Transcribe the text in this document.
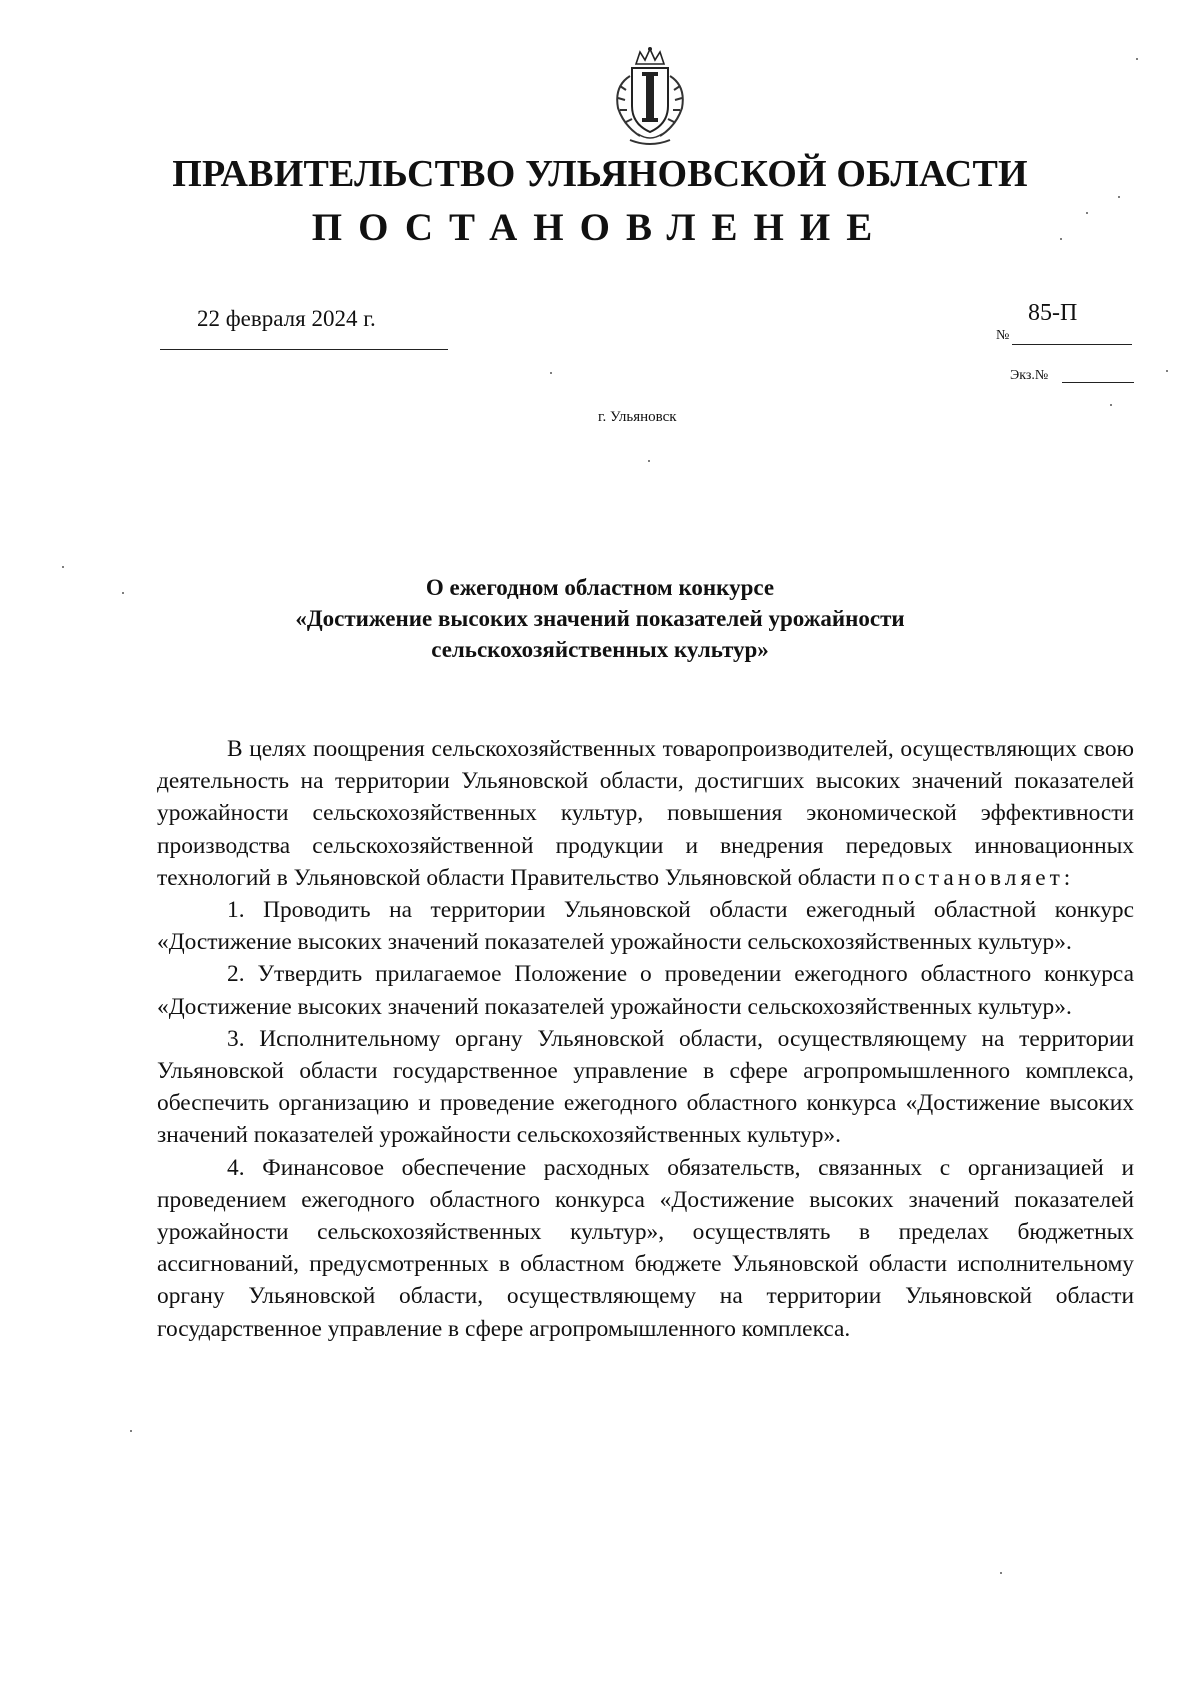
ПРАВИТЕЛЬСТВО УЛЬЯНОВСКОЙ ОБЛАСТИ
ПОСТАНОВЛЕНИЕ
22 февраля 2024 г.
№
85-П
Экз.№
г. Ульяновск
О ежегодном областном конкурсе
«Достижение высоких значений показателей урожайности
сельскохозяйственных культур»

В целях поощрения сельскохозяйственных товаропроизводителей, осуществляющих свою деятельность на территории Ульяновской области, достигших высоких значений показателей урожайности сельскохозяйственных культур, повышения экономической эффективности производства сельскохозяйственной продукции и внедрения передовых инновационных технологий в Ульяновской области Правительство Ульяновской области постановляет:

1. Проводить на территории Ульяновской области ежегодный областной конкурс «Достижение высоких значений показателей урожайности сельскохозяйственных культур».

2. Утвердить прилагаемое Положение о проведении ежегодного областного конкурса «Достижение высоких значений показателей урожайности сельскохозяйственных культур».

3. Исполнительному органу Ульяновской области, осуществляющему на территории Ульяновской области государственное управление в сфере агропромышленного комплекса, обеспечить организацию и проведение ежегодного областного конкурса «Достижение высоких значений показателей урожайности сельскохозяйственных культур».

4. Финансовое обеспечение расходных обязательств, связанных с организацией и проведением ежегодного областного конкурса «Достижение высоких значений показателей урожайности сельскохозяйственных культур», осуществлять в пределах бюджетных ассигнований, предусмотренных в областном бюджете Ульяновской области исполнительному органу Ульяновской области, осуществляющему на территории Ульяновской области государственное управление в сфере агропромышленного комплекса.
